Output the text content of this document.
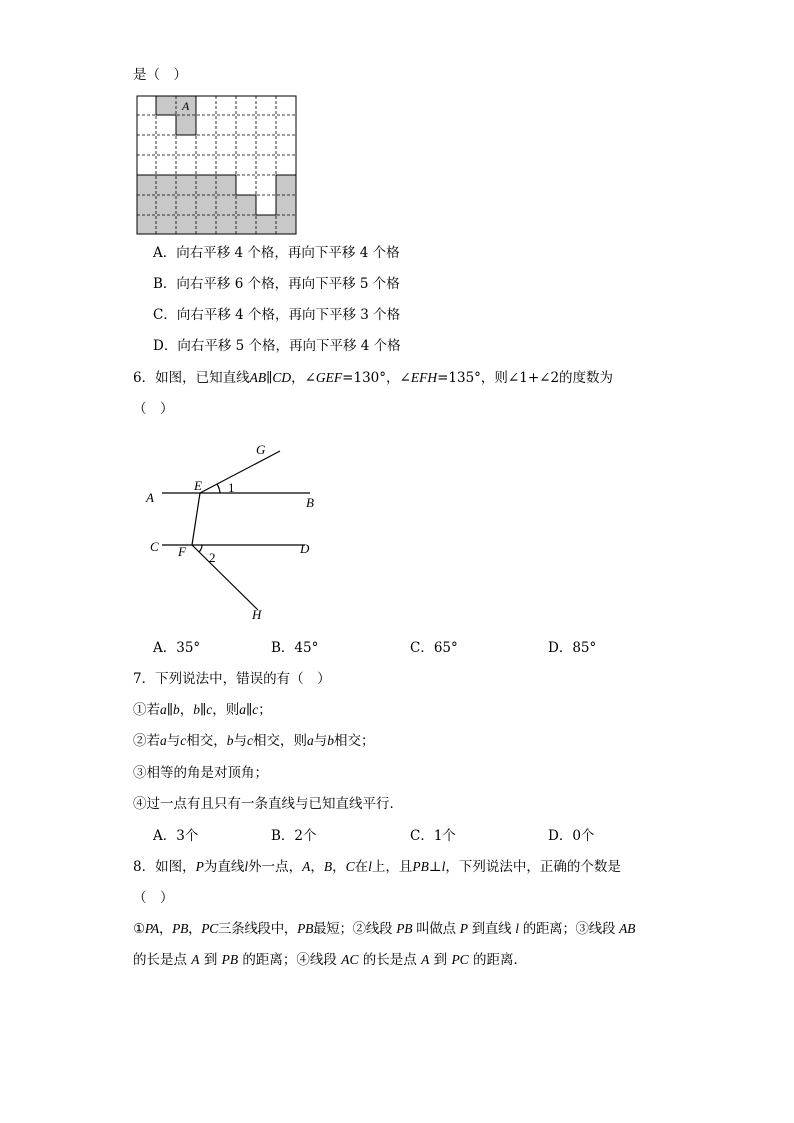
是（　）
A
A．向右平移 4 个格，再向下平移 4 个格
B．向右平移 6 个格，再向下平移 5 个格
C．向右平移 4 个格，再向下平移 3 个格
D．向右平移 5 个格，再向下平移 4 个格
6．如图，已知直线AB∥CD，∠GEF=130°，∠EFH=135°，则∠1+∠2的度数为
（　）
G
E
A	B
C F	D
H
1
2
A．35°	B．45°	C．65°	D．85°
7．下列说法中，错误的有（　）
①若a∥b，b∥c，则a∥c；
②若a与c相交，b与c相交，则a与b相交；
③相等的角是对顶角；
④过一点有且只有一条直线与已知直线平行．
A．3个	B．2个	C．1个	D．0个
8．如图，P为直线l外一点，A，B，C在l上，且PB⊥l，下列说法中，正确的个数是
（　）
①PA，PB，PC三条线段中，PB最短；②线段 PB 叫做点 P 到直线 l 的距离；③线段 AB
的长是点 A 到 PB 的距离；④线段 AC 的长是点 A 到 PC 的距离．
